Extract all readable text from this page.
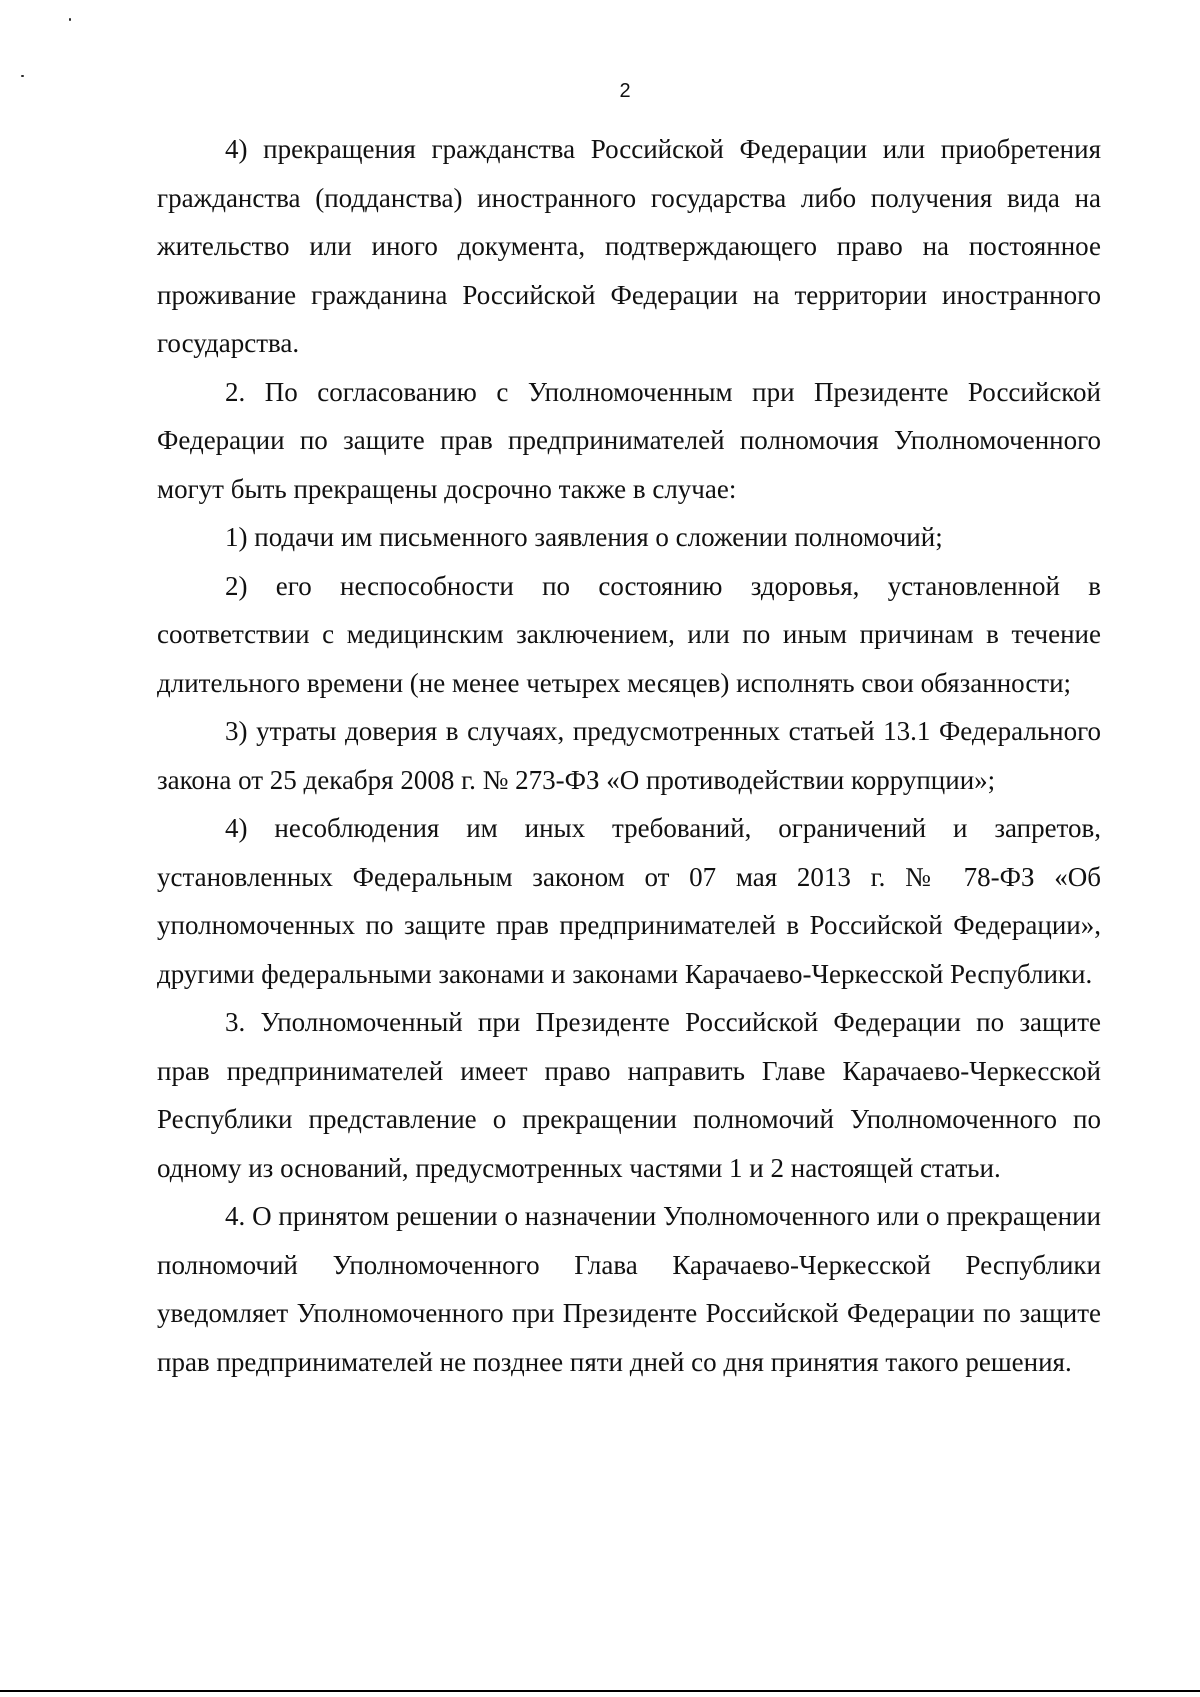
2

4) прекращения гражданства Российской Федерации или приобретения гражданства (подданства) иностранного государства либо получения вида на жительство или иного документа, подтверждающего право на постоянное проживание гражданина Российской Федерации на территории иностранного государства.

2. По согласованию с Уполномоченным при Президенте Российской Федерации по защите прав предпринимателей полномочия Уполномоченного могут быть прекращены досрочно также в случае:

1) подачи им письменного заявления о сложении полномочий;

2) его неспособности по состоянию здоровья, установленной в соответствии с медицинским заключением, или по иным причинам в течение длительного времени (не менее четырех месяцев) исполнять свои обязанности;

3) утраты доверия в случаях, предусмотренных статьей 13.1 Федерального закона от 25 декабря 2008 г. № 273-ФЗ «О противодействии коррупции»;

4) несоблюдения им иных требований, ограничений и запретов, установленных Федеральным законом от 07 мая 2013 г. № 78-ФЗ «Об уполномоченных по защите прав предпринимателей в Российской Федерации», другими федеральными законами и законами Карачаево-Черкесской Республики.

3. Уполномоченный при Президенте Российской Федерации по защите прав предпринимателей имеет право направить Главе Карачаево-Черкесской Республики представление о прекращении полномочий Уполномоченного по одному из оснований, предусмотренных частями 1 и 2 настоящей статьи.

4. О принятом решении о назначении Уполномоченного или о прекращении полномочий Уполномоченного Глава Карачаево-Черкесской Республики уведомляет Уполномоченного при Президенте Российской Федерации по защите прав предпринимателей не позднее пяти дней со дня принятия такого решения.
